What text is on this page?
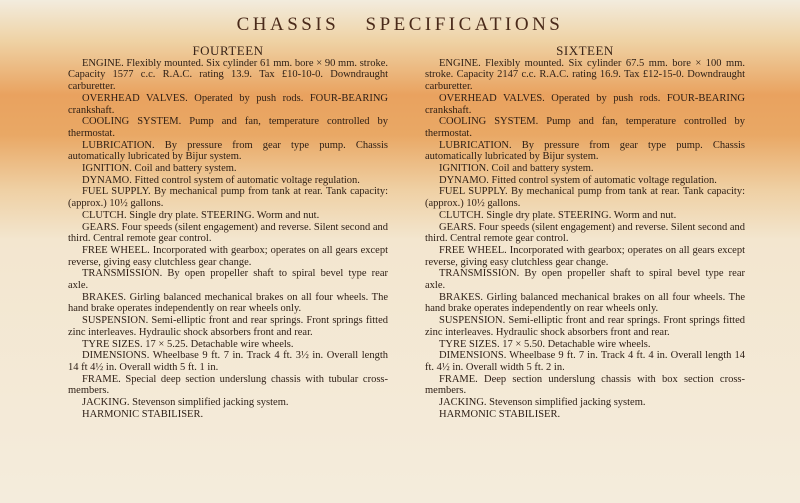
CHASSIS SPECIFICATIONS
FOURTEEN

ENGINE. Flexibly mounted. Six cylinder 61 mm. bore × 90 mm. stroke. Capacity 1577 c.c. R.A.C. rating 13.9. Tax £10-10-0. Downdraught carburetter.

OVERHEAD VALVES. Operated by push rods. FOUR-BEARING crankshaft.

COOLING SYSTEM. Pump and fan, temperature controlled by thermostat.

LUBRICATION. By pressure from gear type pump. Chassis automatically lubricated by Bijur system.

IGNITION. Coil and battery system.

DYNAMO. Fitted control system of automatic voltage regulation.

FUEL SUPPLY. By mechanical pump from tank at rear. Tank capacity: (approx.) 10½ gallons.

CLUTCH. Single dry plate. STEERING. Worm and nut.

GEARS. Four speeds (silent engagement) and reverse. Silent second and third. Central remote gear control.

FREE WHEEL. Incorporated with gearbox; operates on all gears except reverse, giving easy clutchless gear change.

TRANSMISSION. By open propeller shaft to spiral bevel type rear axle.

BRAKES. Girling balanced mechanical brakes on all four wheels. The hand brake operates independently on rear wheels only.

SUSPENSION. Semi-elliptic front and rear springs. Front springs fitted zinc interleaves. Hydraulic shock absorbers front and rear.

TYRE SIZES. 17 × 5.25. Detachable wire wheels.

DIMENSIONS. Wheelbase 9 ft. 7 in. Track 4 ft. 3½ in. Overall length 14 ft 4½ in. Overall width 5 ft. 1 in.

FRAME. Special deep section underslung chassis with tubular cross-members.

JACKING. Stevenson simplified jacking system.

HARMONIC STABILISER.

SIXTEEN

ENGINE. Flexibly mounted. Six cylinder 67.5 mm. bore × 100 mm. stroke. Capacity 2147 c.c. R.A.C. rating 16.9. Tax £12-15-0. Downdraught carburetter.

OVERHEAD VALVES. Operated by push rods. FOUR-BEARING crankshaft.

COOLING SYSTEM. Pump and fan, temperature controlled by thermostat.

LUBRICATION. By pressure from gear type pump. Chassis automatically lubricated by Bijur system.

IGNITION. Coil and battery system.

DYNAMO. Fitted control system of automatic voltage regulation.

FUEL SUPPLY. By mechanical pump from tank at rear. Tank capacity: (approx.) 10½ gallons.

CLUTCH. Single dry plate. STEERING. Worm and nut.

GEARS. Four speeds (silent engagement) and reverse. Silent second and third. Central remote gear control.

FREE WHEEL. Incorporated with gearbox; operates on all gears except reverse, giving easy clutchless gear change.

TRANSMISSION. By open propeller shaft to spiral bevel type rear axle.

BRAKES. Girling balanced mechanical brakes on all four wheels. The hand brake operates independently on rear wheels only.

SUSPENSION. Semi-elliptic front and rear springs. Front springs fitted zinc interleaves. Hydraulic shock absorbers front and rear.

TYRE SIZES. 17 × 5.50. Detachable wire wheels.

DIMENSIONS. Wheelbase 9 ft. 7 in. Track 4 ft. 4 in. Overall length 14 ft. 4½ in. Overall width 5 ft. 2 in.

FRAME. Deep section underslung chassis with box section cross-members.

JACKING. Stevenson simplified jacking system.

HARMONIC STABILISER.
